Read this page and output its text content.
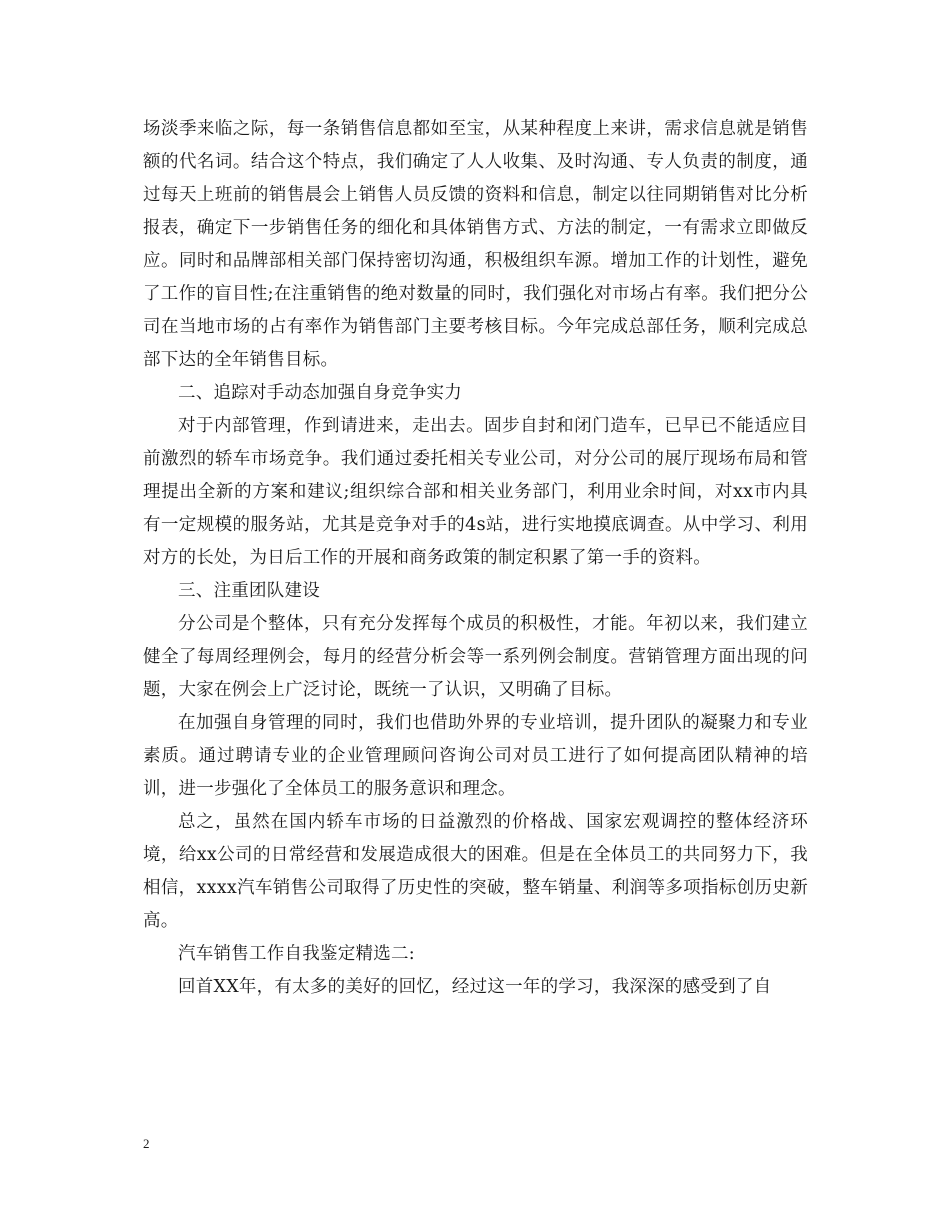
场淡季来临之际，每一条销售信息都如至宝，从某种程度上来讲，需求信息就是销售额的代名词。结合这个特点，我们确定了人人收集、及时沟通、专人负责的制度，通过每天上班前的销售晨会上销售人员反馈的资料和信息，制定以往同期销售对比分析报表，确定下一步销售任务的细化和具体销售方式、方法的制定，一有需求立即做反应。同时和品牌部相关部门保持密切沟通，积极组织车源。增加工作的计划性，避免了工作的盲目性;在注重销售的绝对数量的同时，我们强化对市场占有率。我们把分公司在当地市场的占有率作为销售部门主要考核目标。今年完成总部任务，顺利完成总部下达的全年销售目标。

二、追踪对手动态加强自身竞争实力

对于内部管理，作到请进来，走出去。固步自封和闭门造车，已早已不能适应目前激烈的轿车市场竞争。我们通过委托相关专业公司，对分公司的展厅现场布局和管理提出全新的方案和建议;组织综合部和相关业务部门，利用业余时间，对xx市内具有一定规模的服务站，尤其是竞争对手的4s站，进行实地摸底调查。从中学习、利用对方的长处，为日后工作的开展和商务政策的制定积累了第一手的资料。

三、注重团队建设

分公司是个整体，只有充分发挥每个成员的积极性，才能。年初以来，我们建立健全了每周经理例会，每月的经营分析会等一系列例会制度。营销管理方面出现的问题，大家在例会上广泛讨论，既统一了认识，又明确了目标。

在加强自身管理的同时，我们也借助外界的专业培训，提升团队的凝聚力和专业素质。通过聘请专业的企业管理顾问咨询公司对员工进行了如何提高团队精神的培训，进一步强化了全体员工的服务意识和理念。

总之，虽然在国内轿车市场的日益激烈的价格战、国家宏观调控的整体经济环境，给xx公司的日常经营和发展造成很大的困难。但是在全体员工的共同努力下，我相信，xxxx汽车销售公司取得了历史性的突破，整车销量、利润等多项指标创历史新高。

汽车销售工作自我鉴定精选二:

回首XX年，有太多的美好的回忆，经过这一年的学习，我深深的感受到了自

2
